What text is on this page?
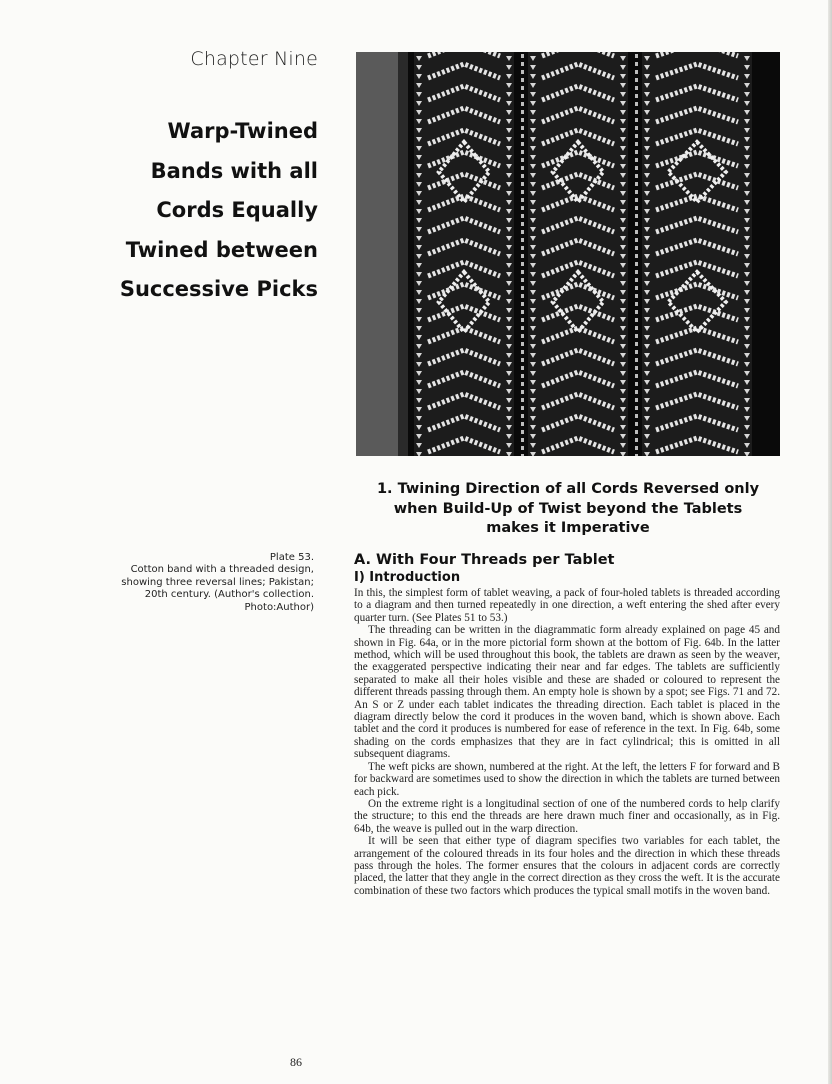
Chapter Nine
Warp-Twined
Bands with all
Cords Equally
Twined between
Successive Picks
Plate 53.
Cotton band with a threaded design,
showing three reversal lines; Pakistan;
20th century. (Author's collection.
Photo:Author)
1. Twining Direction of all Cords Reversed only
when Build-Up of Twist beyond the Tablets
makes it Imperative
A. With Four Threads per Tablet
I) Introduction

In this, the simplest form of tablet weaving, a pack of four-holed tablets is threaded according to a diagram and then turned repeatedly in one direction, a weft entering the shed after every quarter turn. (See Plates 51 to 53.)

The threading can be written in the diagrammatic form already explained on page 45 and shown in Fig. 64a, or in the more pictorial form shown at the bottom of Fig. 64b. In the latter method, which will be used throughout this book, the tablets are drawn as seen by the weaver, the exaggerated perspective indicating their near and far edges. The tablets are sufficiently separated to make all their holes visible and these are shaded or coloured to represent the different threads passing through them. An empty hole is shown by a spot; see Figs. 71 and 72. An S or Z under each tablet indicates the threading direction. Each tablet is placed in the diagram directly below the cord it produces in the woven band, which is shown above. Each tablet and the cord it produces is numbered for ease of reference in the text. In Fig. 64b, some shading on the cords emphasizes that they are in fact cylindrical; this is omitted in all subsequent diagrams.

The weft picks are shown, numbered at the right. At the left, the letters F for forward and B for backward are sometimes used to show the direction in which the tablets are turned between each pick.

On the extreme right is a longitudinal section of one of the numbered cords to help clarify the structure; to this end the threads are here drawn much finer and occasionally, as in Fig. 64b, the weave is pulled out in the warp direction.

It will be seen that either type of diagram specifies two variables for each tablet, the arrangement of the coloured threads in its four holes and the direction in which these threads pass through the holes. The former ensures that the colours in adjacent cords are correctly placed, the latter that they angle in the correct direction as they cross the weft. It is the accurate combination of these two factors which produces the typical small motifs in the woven band.

86
